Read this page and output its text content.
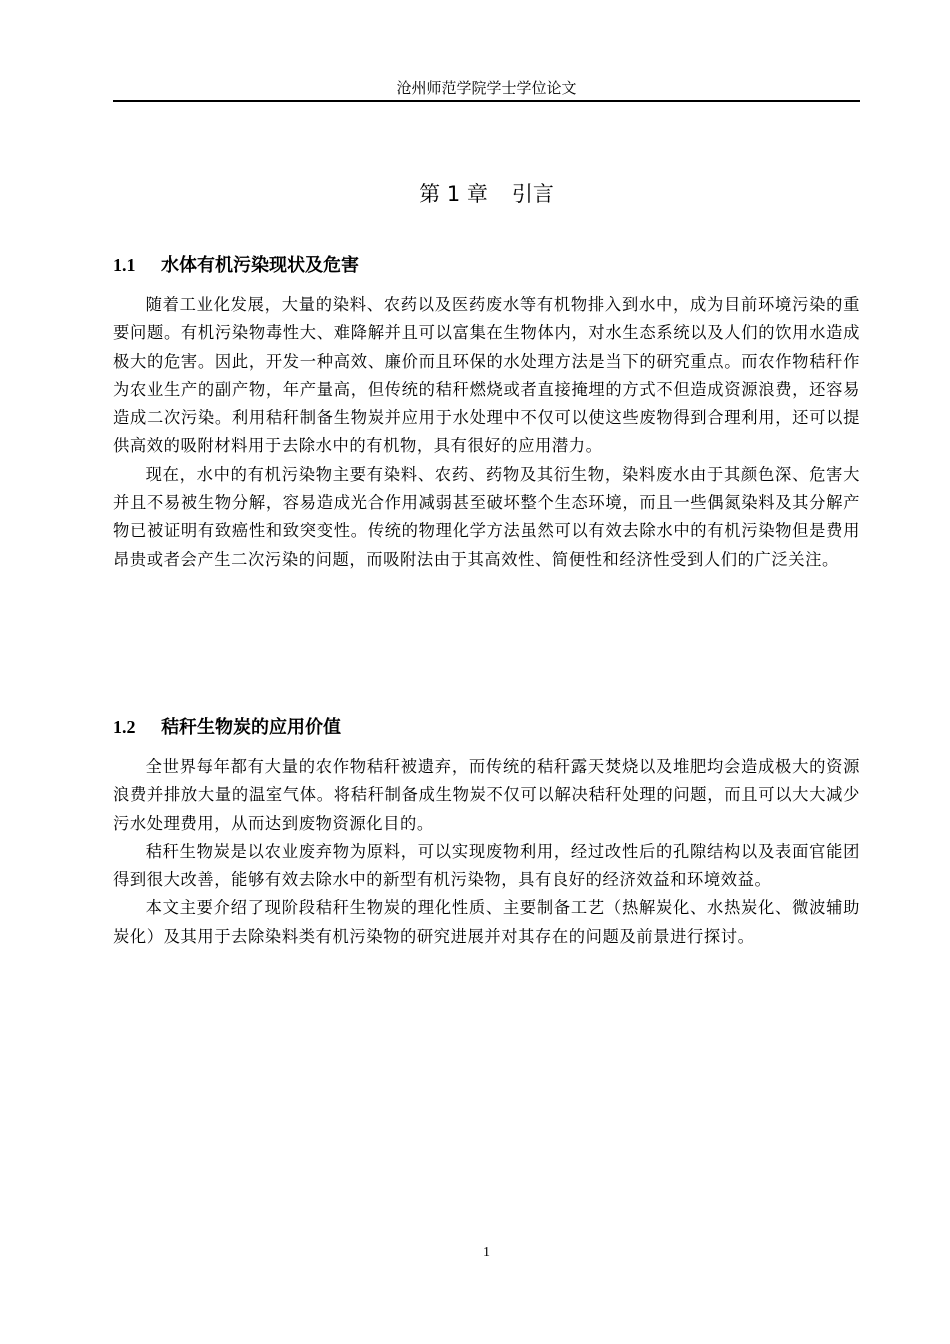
沧州师范学院学士学位论文
第 1 章 引言
1.1 水体有机污染现状及危害

随着工业化发展，大量的染料、农药以及医药废水等有机物排入到水中，成为目前环境污染的重要问题。有机污染物毒性大、难降解并且可以富集在生物体内，对水生态系统以及人们的饮用水造成极大的危害。因此，开发一种高效、廉价而且环保的水处理方法是当下的研究重点。而农作物秸秆作为农业生产的副产物，年产量高，但传统的秸秆燃烧或者直接掩埋的方式不但造成资源浪费，还容易造成二次污染。利用秸秆制备生物炭并应用于水处理中不仅可以使这些废物得到合理利用，还可以提供高效的吸附材料用于去除水中的有机物，具有很好的应用潜力。

现在，水中的有机污染物主要有染料、农药、药物及其衍生物，染料废水由于其颜色深、危害大并且不易被生物分解，容易造成光合作用减弱甚至破坏整个生态环境，而且一些偶氮染料及其分解产物已被证明有致癌性和致突变性。传统的物理化学方法虽然可以有效去除水中的有机污染物但是费用昂贵或者会产生二次污染的问题，而吸附法由于其高效性、简便性和经济性受到人们的广泛关注。

1.2 秸秆生物炭的应用价值

全世界每年都有大量的农作物秸秆被遗弃，而传统的秸秆露天焚烧以及堆肥均会造成极大的资源浪费并排放大量的温室气体。将秸秆制备成生物炭不仅可以解决秸秆处理的问题，而且可以大大减少污水处理费用，从而达到废物资源化目的。

秸秆生物炭是以农业废弃物为原料，可以实现废物利用，经过改性后的孔隙结构以及表面官能团得到很大改善，能够有效去除水中的新型有机污染物，具有良好的经济效益和环境效益。

本文主要介绍了现阶段秸秆生物炭的理化性质、主要制备工艺（热解炭化、水热炭化、微波辅助炭化）及其用于去除染料类有机污染物的研究进展并对其存在的问题及前景进行探讨。

1
